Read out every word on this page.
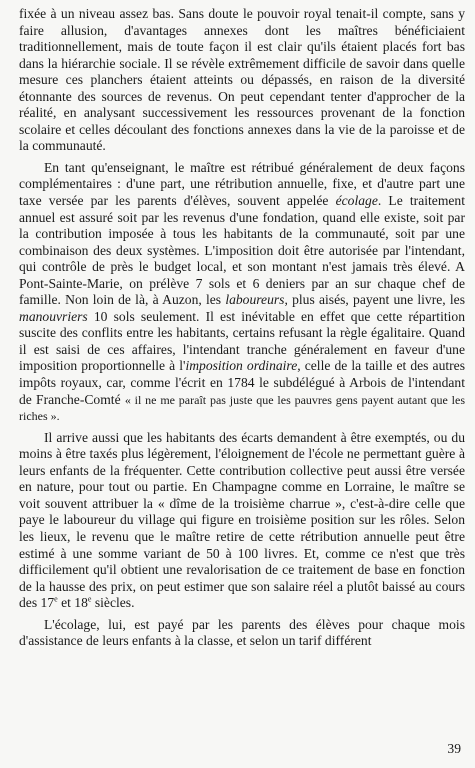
fixée à un niveau assez bas. Sans doute le pouvoir royal tenait-il compte, sans y faire allusion, d'avantages annexes dont les maîtres bénéficiaient traditionnellement, mais de toute façon il est clair qu'ils étaient placés fort bas dans la hiérarchie sociale. Il se révèle extrêmement difficile de savoir dans quelle mesure ces planchers étaient atteints ou dépassés, en raison de la diversité étonnante des sources de revenus. On peut cependant tenter d'approcher de la réalité, en analysant successivement les ressources provenant de la fonction scolaire et celles découlant des fonctions annexes dans la vie de la paroisse et de la communauté.

En tant qu'enseignant, le maître est rétribué généralement de deux façons complémentaires : d'une part, une rétribution annuelle, fixe, et d'autre part une taxe versée par les parents d'élèves, souvent appelée écolage. Le traitement annuel est assuré soit par les revenus d'une fondation, quand elle existe, soit par la contribution imposée à tous les habitants de la communauté, soit par une combinaison des deux systèmes. L'imposition doit être autorisée par l'intendant, qui contrôle de près le budget local, et son montant n'est jamais très élevé. A Pont-Sainte-Marie, on prélève 7 sols et 6 deniers par an sur chaque chef de famille. Non loin de là, à Auzon, les laboureurs, plus aisés, payent une livre, les manouvriers 10 sols seulement. Il est inévitable en effet que cette répartition suscite des conflits entre les habitants, certains refusant la règle égalitaire. Quand il est saisi de ces affaires, l'intendant tranche généralement en faveur d'une imposition proportionnelle à l'imposition ordinaire, celle de la taille et des autres impôts royaux, car, comme l'écrit en 1784 le subdélégué à Arbois de l'intendant de Franche-Comté « il ne me paraît pas juste que les pauvres gens payent autant que les riches ».

Il arrive aussi que les habitants des écarts demandent à être exemptés, ou du moins à être taxés plus légèrement, l'éloignement de l'école ne permettant guère à leurs enfants de la fréquenter. Cette contribution collective peut aussi être versée en nature, pour tout ou partie. En Champagne comme en Lorraine, le maître se voit souvent attribuer la « dîme de la troisième charrue », c'est-à-dire celle que paye le laboureur du village qui figure en troisième position sur les rôles. Selon les lieux, le revenu que le maître retire de cette rétribution annuelle peut être estimé à une somme variant de 50 à 100 livres. Et, comme ce n'est que très difficilement qu'il obtient une revalorisation de ce traitement de base en fonction de la hausse des prix, on peut estimer que son salaire réel a plutôt baissé au cours des 17e et 18e siècles.

L'écolage, lui, est payé par les parents des élèves pour chaque mois d'assistance de leurs enfants à la classe, et selon un tarif différent

39
